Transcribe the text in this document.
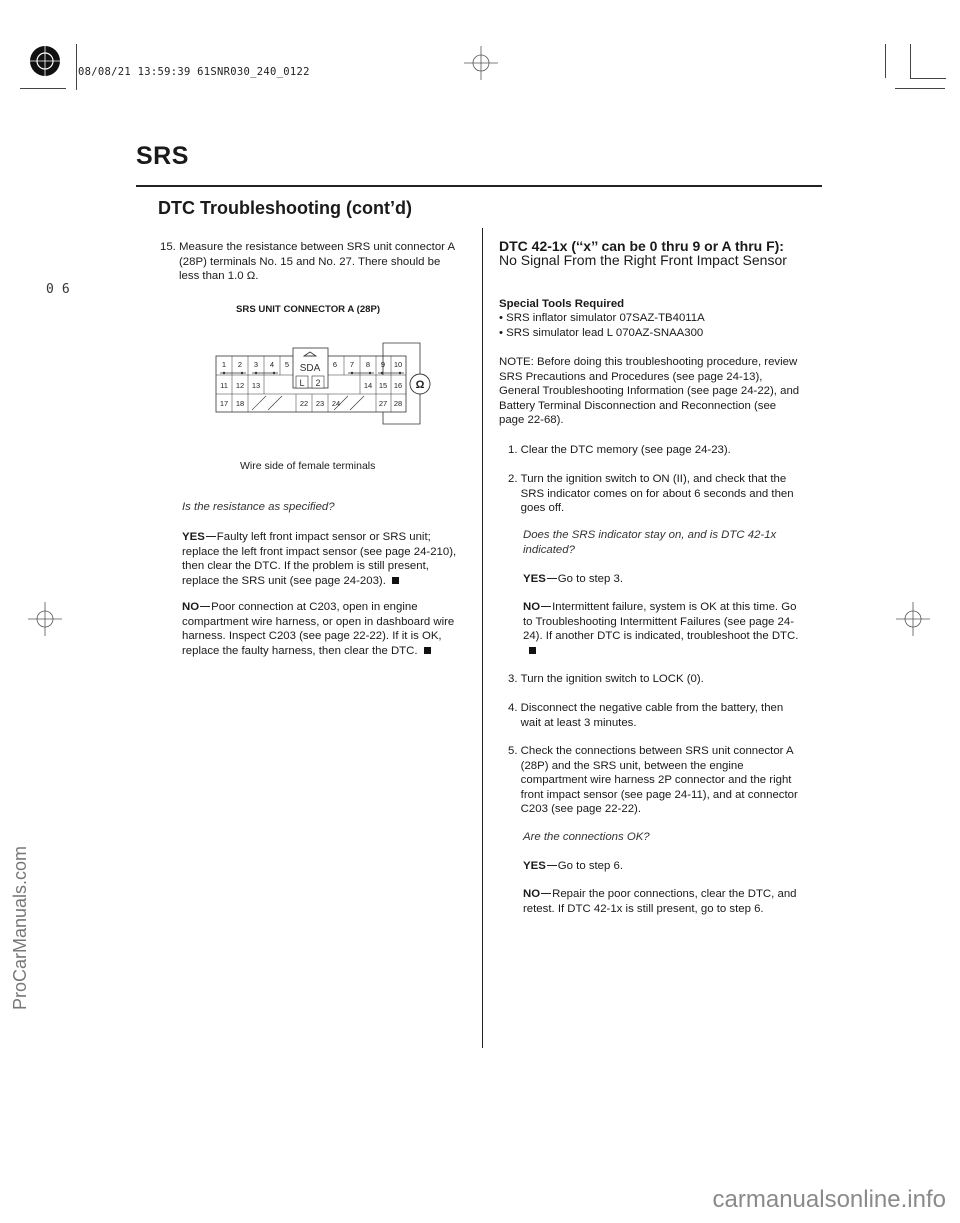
08/08/21 13:59:39 61SNR030_240_0122
SRS
DTC Troubleshooting (cont’d)
06
ProCarManuals.com
carmanualsonline.info
15.
Measure the resistance between SRS unit connector A (28P) terminals No. 15 and No. 27. There should be less than 1.0 Ω.
SRS UNIT CONNECTOR A (28P)
SDA
L 2
1 2 3 4 5	6 7 8 9 10
11 12 13	14 15 16
17 18	22 23 24	27 28
Ω
Wire side of female terminals
Is the resistance as specified?
YES Faulty left front impact sensor or SRS unit; replace the left front impact sensor (see page 24-210), then clear the DTC. If the problem is still present, replace the SRS unit (see page 24-203).
NO Poor connection at C203, open in engine compartment wire harness, or open in dashboard wire harness. Inspect C203 (see page 22-22). If it is OK, replace the faulty harness, then clear the DTC.
DTC 42-1x (‘‘x’’ can be 0 thru 9 or A thru F):
No Signal From the Right Front Impact Sensor
Special Tools Required
• SRS inflator simulator 07SAZ-TB4011A
• SRS simulator lead L 070AZ-SNAA300
NOTE: Before doing this troubleshooting procedure, review SRS Precautions and Procedures (see page 24-13), General Troubleshooting Information (see page 24-22), and Battery Terminal Disconnection and Reconnection (see page 22-68).
1.
Clear the DTC memory (see page 24-23).
2.
Turn the ignition switch to ON (II), and check that the SRS indicator comes on for about 6 seconds and then goes off.
Does the SRS indicator stay on, and is DTC 42-1x indicated?
YES Go to step 3.
NO Intermittent failure, system is OK at this time. Go to Troubleshooting Intermittent Failures (see page 24-24). If another DTC is indicated, troubleshoot the DTC.
3.
Turn the ignition switch to LOCK (0).
4.
Disconnect the negative cable from the battery, then wait at least 3 minutes.
5.
Check the connections between SRS unit connector A (28P) and the SRS unit, between the engine compartment wire harness 2P connector and the right front impact sensor (see page 24-11), and at connector C203 (see page 22-22).
Are the connections OK?
YES Go to step 6.
NO Repair the poor connections, clear the DTC, and retest. If DTC 42-1x is still present, go to step 6.
